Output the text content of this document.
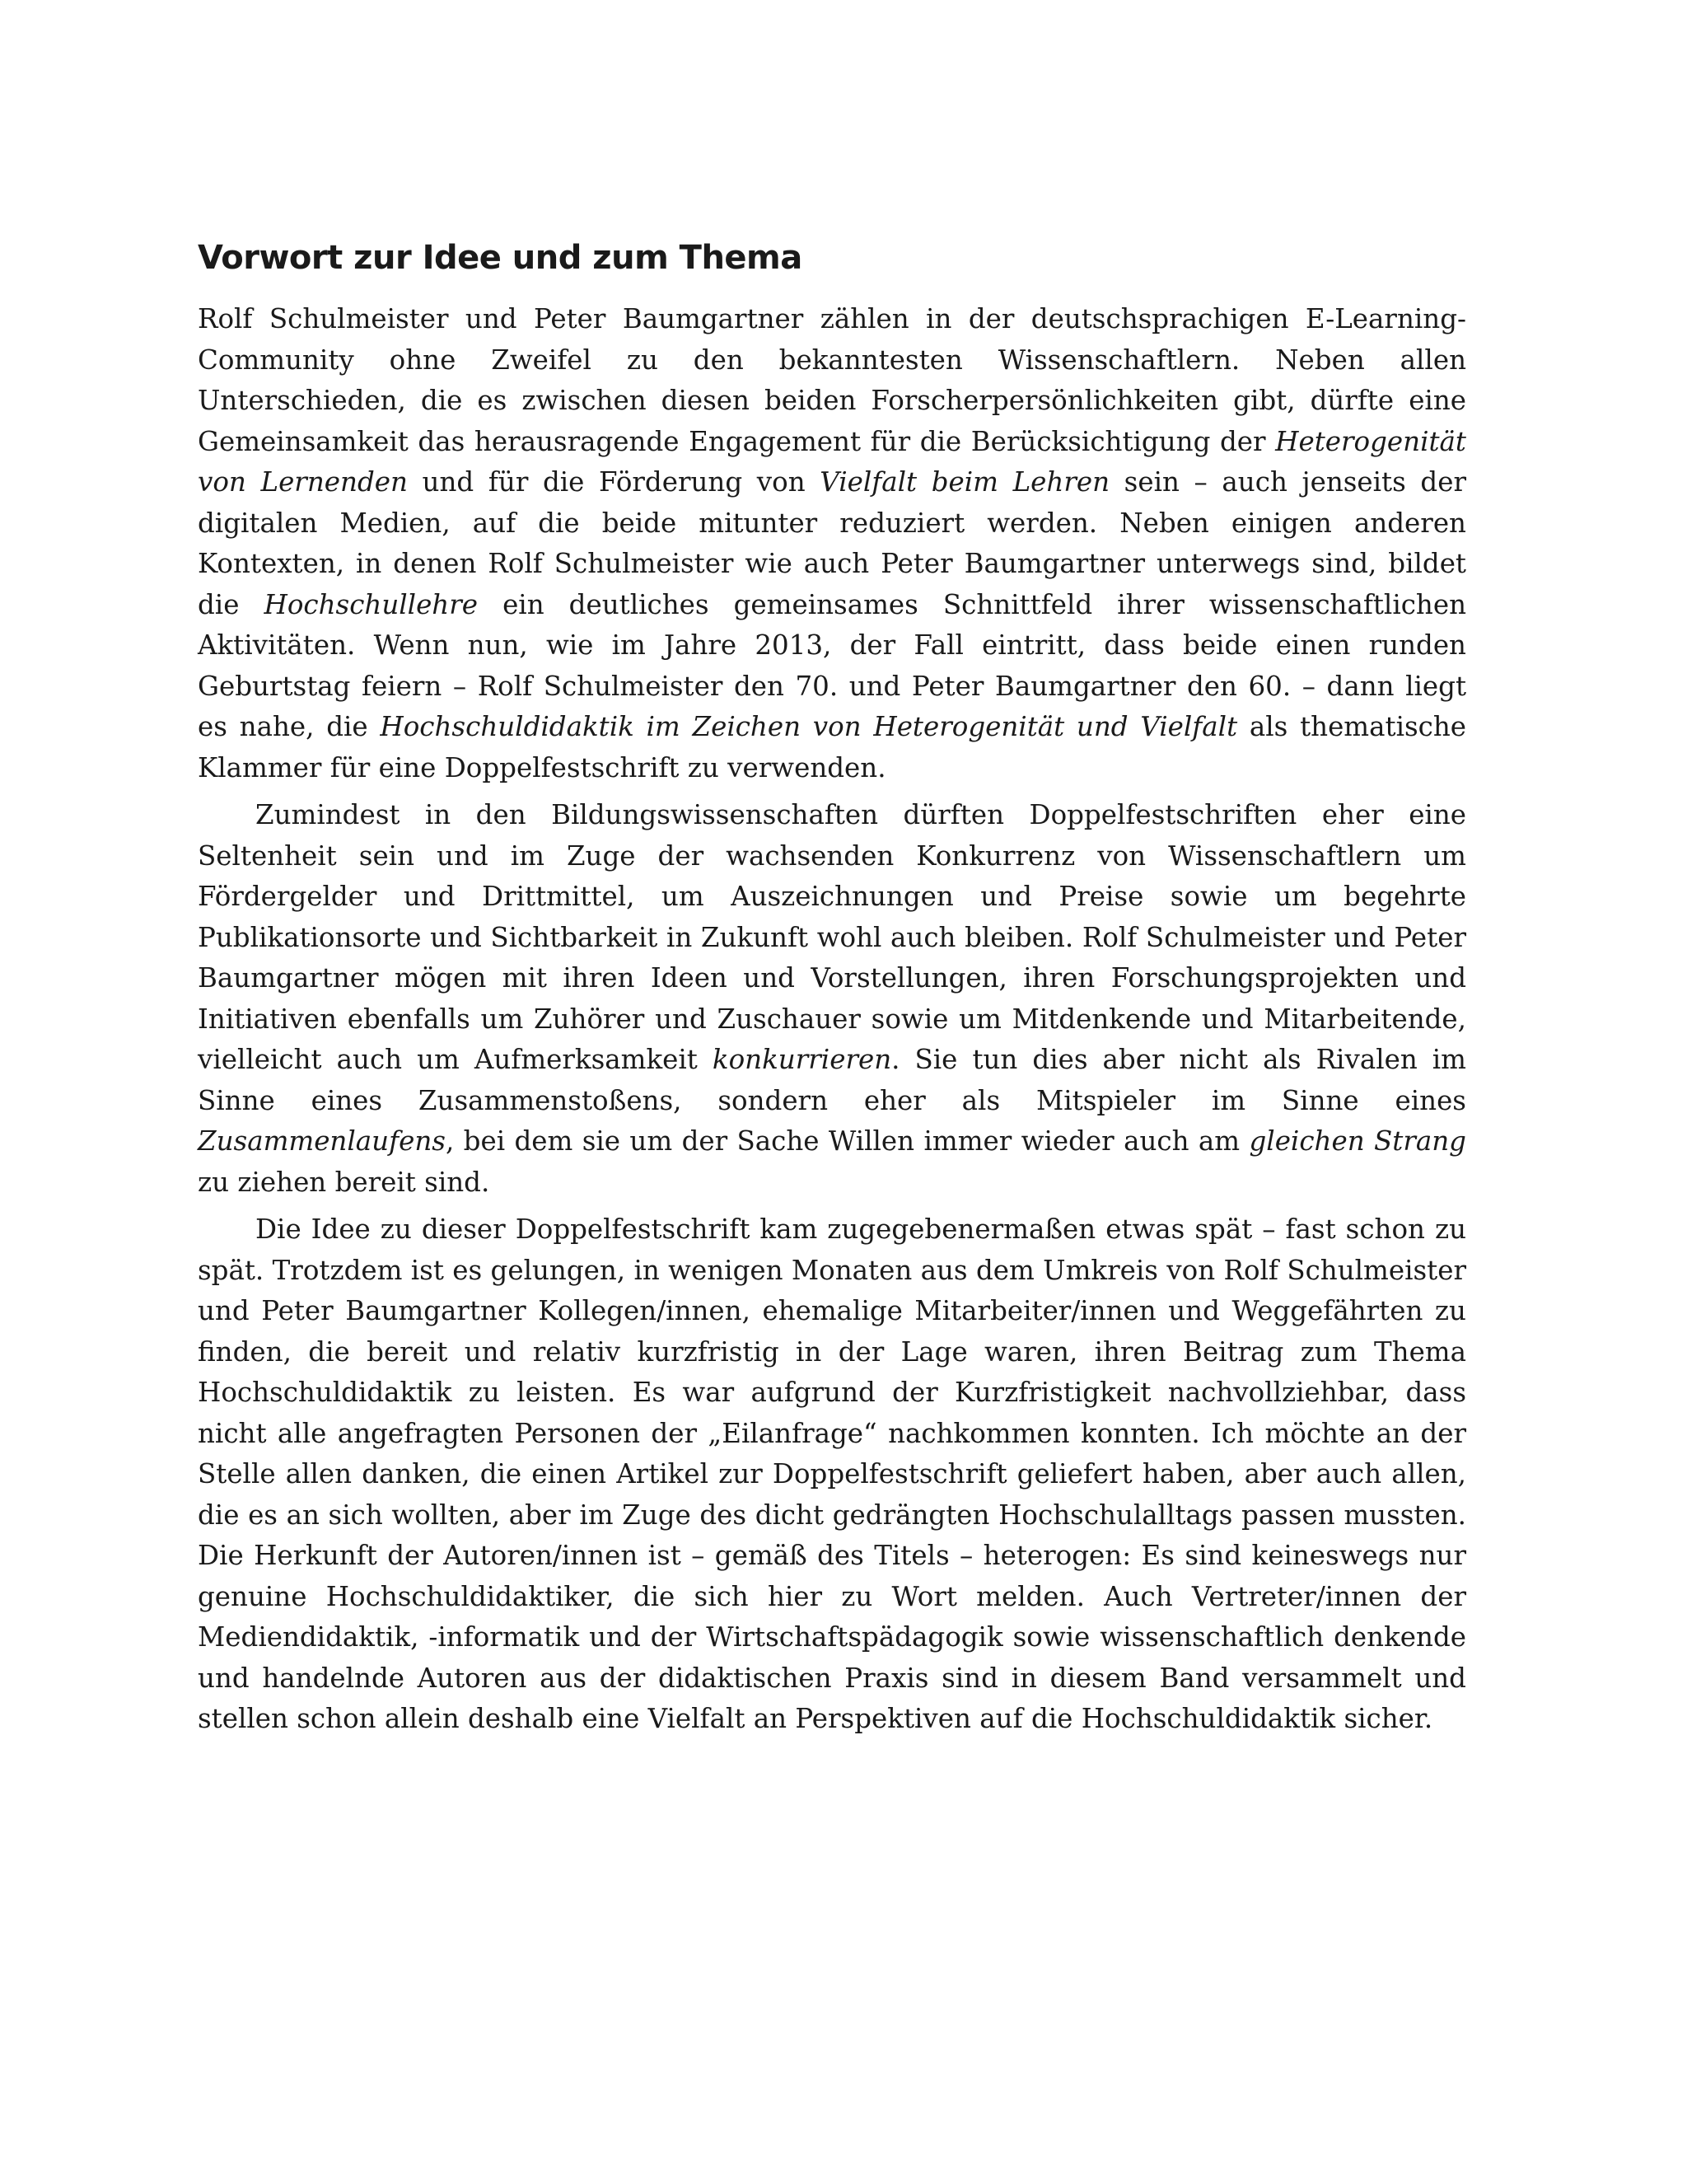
Vorwort zur Idee und zum Thema

Rolf Schulmeister und Peter Baumgartner zählen in der deutschsprachigen E-Learning-Community ohne Zweifel zu den bekanntesten Wissenschaftlern. Neben allen Unterschieden, die es zwischen diesen beiden Forscherpersönlichkeiten gibt, dürfte eine Gemeinsamkeit das herausragende Engagement für die Berücksichtigung der Heterogenität von Lernenden und für die Förderung von Vielfalt beim Lehren sein – auch jenseits der digitalen Medien, auf die beide mitunter reduziert werden. Neben einigen anderen Kontexten, in denen Rolf Schulmeister wie auch Peter Baumgartner unterwegs sind, bildet die Hochschullehre ein deutliches gemeinsames Schnittfeld ihrer wissenschaftlichen Aktivitäten. Wenn nun, wie im Jahre 2013, der Fall eintritt, dass beide einen runden Geburtstag feiern – Rolf Schulmeister den 70. und Peter Baumgartner den 60. – dann liegt es nahe, die Hochschuldidaktik im Zeichen von Heterogenität und Vielfalt als thematische Klammer für eine Doppelfestschrift zu verwenden.

Zumindest in den Bildungswissenschaften dürften Doppelfestschriften eher eine Seltenheit sein und im Zuge der wachsenden Konkurrenz von Wissenschaftlern um Fördergelder und Drittmittel, um Auszeichnungen und Preise sowie um begehrte Publikationsorte und Sichtbarkeit in Zukunft wohl auch bleiben. Rolf Schulmeister und Peter Baumgartner mögen mit ihren Ideen und Vorstellungen, ihren Forschungsprojekten und Initiativen ebenfalls um Zuhörer und Zuschauer sowie um Mitdenkende und Mitarbeitende, vielleicht auch um Aufmerksamkeit konkurrieren. Sie tun dies aber nicht als Rivalen im Sinne eines Zusammenstoßens, sondern eher als Mitspieler im Sinne eines Zusammenlaufens, bei dem sie um der Sache Willen immer wieder auch am gleichen Strang zu ziehen bereit sind.

Die Idee zu dieser Doppelfestschrift kam zugegebenermaßen etwas spät – fast schon zu spät. Trotzdem ist es gelungen, in wenigen Monaten aus dem Umkreis von Rolf Schulmeister und Peter Baumgartner Kollegen/innen, ehemalige Mitarbeiter/innen und Weggefährten zu finden, die bereit und relativ kurzfristig in der Lage waren, ihren Beitrag zum Thema Hochschuldidaktik zu leisten. Es war aufgrund der Kurzfristigkeit nachvollziehbar, dass nicht alle angefragten Personen der „Eilanfrage“ nachkommen konnten. Ich möchte an der Stelle allen danken, die einen Artikel zur Doppelfestschrift geliefert haben, aber auch allen, die es an sich wollten, aber im Zuge des dicht gedrängten Hochschulalltags passen mussten. Die Herkunft der Autoren/innen ist – gemäß des Titels – heterogen: Es sind keineswegs nur genuine Hochschuldidaktiker, die sich hier zu Wort melden. Auch Vertreter/innen der Mediendidaktik, -informatik und der Wirtschaftspädagogik sowie wissenschaftlich denkende und handelnde Autoren aus der didaktischen Praxis sind in diesem Band versammelt und stellen schon allein deshalb eine Vielfalt an Perspektiven auf die Hochschuldidaktik sicher.
